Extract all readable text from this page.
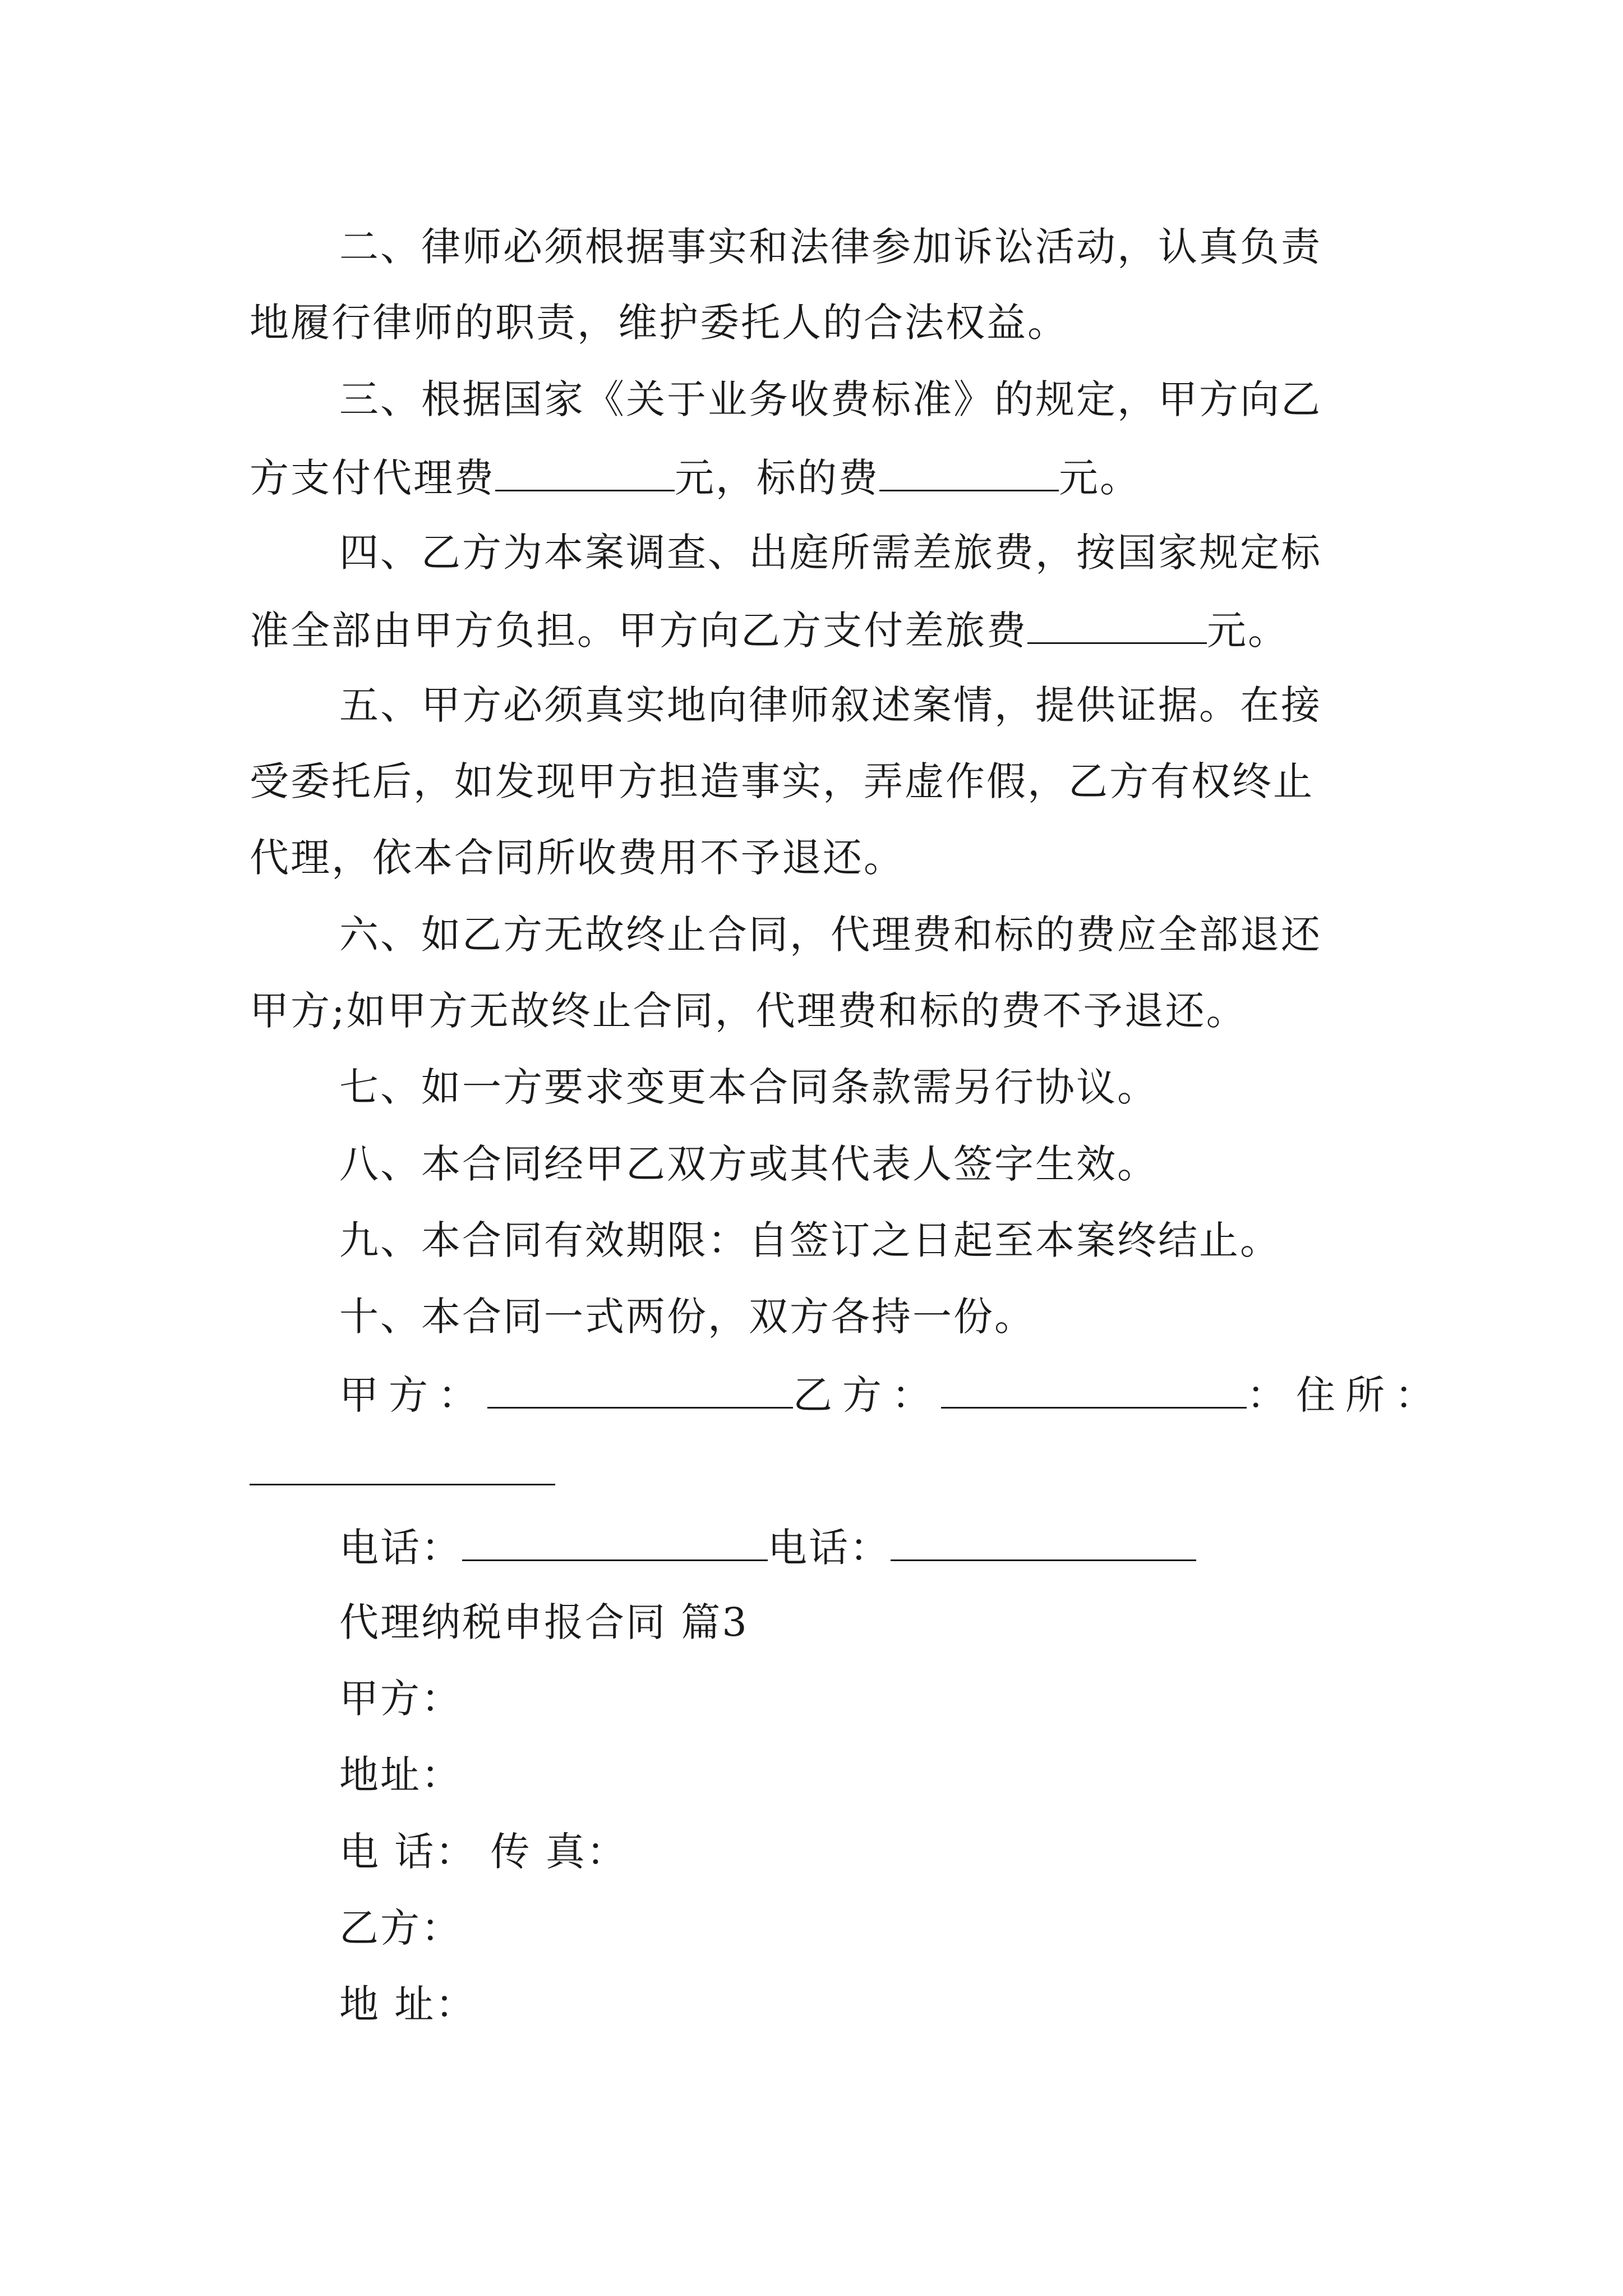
二、律师必须根据事实和法律参加诉讼活动，认真负责
地履行律师的职责，维护委托人的合法权益。
三、根据国家《关于业务收费标准》的规定，甲方向乙
方支付代理费	元，标的费	元。
四、乙方为本案调查、出庭所需差旅费，按国家规定标
准全部由甲方负担。甲方向乙方支付差旅费	元。
五、甲方必须真实地向律师叙述案情，提供证据。在接
受委托后，如发现甲方担造事实，弄虚作假，乙方有权终止
代理，依本合同所收费用不予退还。
六、如乙方无故终止合同，代理费和标的费应全部退还
甲方;如甲方无故终止合同，代理费和标的费不予退还。
七、如一方要求变更本合同条款需另行协议。
八、本合同经甲乙双方或其代表人签字生效。
九、本合同有效期限：自签订之日起至本案终结止。
十、本合同一式两份，双方各持一份。
甲方：	乙方：	：住所：
电话：	电话：
代理纳税申报合同 篇3
甲方：
地址：
电 话： 传 真：
乙方：
地 址：
